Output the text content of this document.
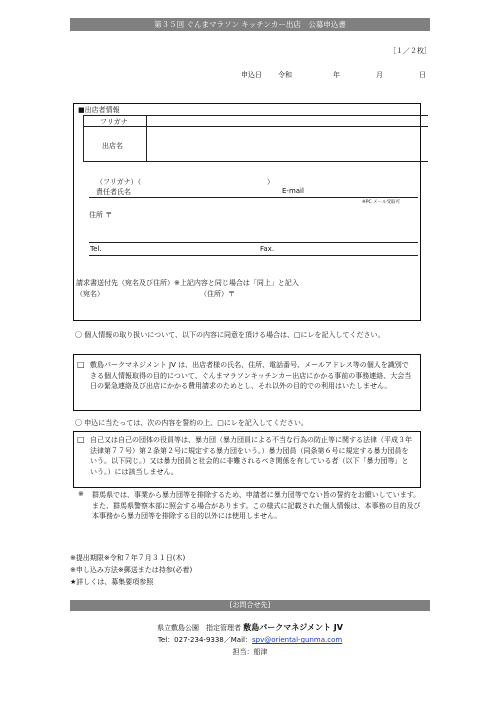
第３５回 ぐんまマラソン キッチンカー出店　公募申込書
［１／２枚］
申込日 令和	年	月	日
■出店者情報
フリガナ
出店名
（フリガナ）（	）
責任者氏名	E-mail
※PC メール受取可
住所 〒
Tel.	Fax.
請求書送付先（宛名及び住所）※上記内容と同じ場合は「同上」と記入
（宛名）	（住所）〒
〇 個人情報の取り扱いについて、以下の内容に同意を頂ける場合は、□にレを記入してください。
□ 敷島パークマネジメント JV は、出店者様の氏名、住所、電話番号、メールアドレス等の個人を識別できる個人情報取得の目的について、ぐんまマラソンキッチンカー出店にかかる事前の事務連絡、大会当日の緊急連絡及び出店にかかる費用請求のためとし、それ以外の目的での利用はいたしません。
〇 申込に当たっては、次の内容を誓約の上、□にレを記入してください。
□ 自己又は自己の団体の役員等は、暴力団（暴力団員による不当な行為の防止等に関する法律（平成３年法律第７７号）第２条第２号に規定する暴力団をいう。）暴力団員（同条第６号に規定する暴力団員をいう。以下同じ。）又は暴力団員と社会的に非難されるべき関係を有している者（以下「暴力団等」という。）には該当しません。
※ 群馬県では、事業から暴力団等を排除するため、申請者に暴力団等でない旨の誓約をお願いしています。また、群馬県警察本部に照会する場合があります。この様式に記載された個人情報は、本事務の目的及び本事務から暴力団等を排除する目的以外には使用しません。
※提出期限※令和７年７月３１日(木)
※申し込み方法※郵送または持参(必着)
★詳しくは、募集要項参照
[お問合せ先]
県立敷島公園　指定管理者 敷島パークマネジメント JV
Tel：027-234-9338／Mail：spv@oriental-gunma.com
担当：船津
